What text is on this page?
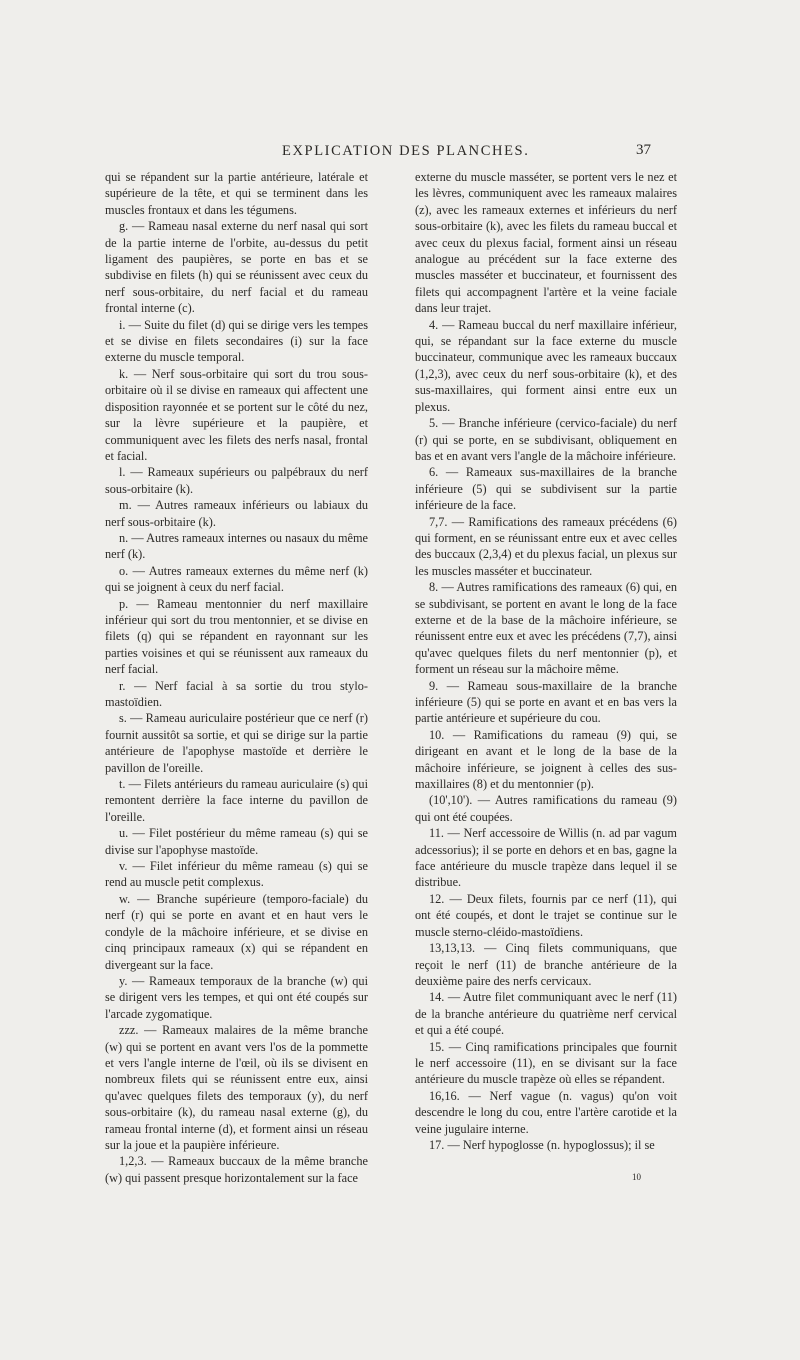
EXPLICATION DES PLANCHES.	37

qui se répandent sur la partie antérieure, latérale et supérieure de la tête, et qui se terminent dans les muscles frontaux et dans les tégumens.

g. — Rameau nasal externe du nerf nasal qui sort de la partie interne de l'orbite, au-dessus du petit ligament des paupières, se porte en bas et se subdivise en filets (h) qui se réunissent avec ceux du nerf sous-orbitaire, du nerf facial et du rameau frontal interne (c).

i. — Suite du filet (d) qui se dirige vers les tempes et se divise en filets secondaires (i) sur la face externe du muscle temporal.

k. — Nerf sous-orbitaire qui sort du trou sous-orbitaire où il se divise en rameaux qui affectent une disposition rayonnée et se portent sur le côté du nez, sur la lèvre supérieure et la paupière, et communiquent avec les filets des nerfs nasal, frontal et facial.

l. — Rameaux supérieurs ou palpébraux du nerf sous-orbitaire (k).

m. — Autres rameaux inférieurs ou labiaux du nerf sous-orbitaire (k).

n. — Autres rameaux internes ou nasaux du même nerf (k).

o. — Autres rameaux externes du même nerf (k) qui se joignent à ceux du nerf facial.

p. — Rameau mentonnier du nerf maxillaire inférieur qui sort du trou mentonnier, et se divise en filets (q) qui se répandent en rayonnant sur les parties voisines et qui se réunissent aux rameaux du nerf facial.

r. — Nerf facial à sa sortie du trou stylo-mastoïdien.

s. — Rameau auriculaire postérieur que ce nerf (r) fournit aussitôt sa sortie, et qui se dirige sur la partie antérieure de l'apophyse mastoïde et derrière le pavillon de l'oreille.

t. — Filets antérieurs du rameau auriculaire (s) qui remontent derrière la face interne du pavillon de l'oreille.

u. — Filet postérieur du même rameau (s) qui se divise sur l'apophyse mastoïde.

v. — Filet inférieur du même rameau (s) qui se rend au muscle petit complexus.

w. — Branche supérieure (temporo-faciale) du nerf (r) qui se porte en avant et en haut vers le condyle de la mâchoire inférieure, et se divise en cinq principaux rameaux (x) qui se répandent en divergeant sur la face.

y. — Rameaux temporaux de la branche (w) qui se dirigent vers les tempes, et qui ont été coupés sur l'arcade zygomatique.

zzz. — Rameaux malaires de la même branche (w) qui se portent en avant vers l'os de la pommette et vers l'angle interne de l'œil, où ils se divisent en nombreux filets qui se réunissent entre eux, ainsi qu'avec quelques filets des temporaux (y), du nerf sous-orbitaire (k), du rameau nasal externe (g), du rameau frontal interne (d), et forment ainsi un réseau sur la joue et la paupière inférieure.

1,2,3. — Rameaux buccaux de la même branche (w) qui passent presque horizontalement sur la face

externe du muscle masséter, se portent vers le nez et les lèvres, communiquent avec les rameaux malaires (z), avec les rameaux externes et inférieurs du nerf sous-orbitaire (k), avec les filets du rameau buccal et avec ceux du plexus facial, forment ainsi un réseau analogue au précédent sur la face externe des muscles masséter et buccinateur, et fournissent des filets qui accompagnent l'artère et la veine faciale dans leur trajet.

4. — Rameau buccal du nerf maxillaire inférieur, qui, se répandant sur la face externe du muscle buccinateur, communique avec les rameaux buccaux (1,2,3), avec ceux du nerf sous-orbitaire (k), et des sus-maxillaires, qui forment ainsi entre eux un plexus.

5. — Branche inférieure (cervico-faciale) du nerf (r) qui se porte, en se subdivisant, obliquement en bas et en avant vers l'angle de la mâchoire inférieure.

6. — Rameaux sus-maxillaires de la branche inférieure (5) qui se subdivisent sur la partie inférieure de la face.

7,7. — Ramifications des rameaux précédens (6) qui forment, en se réunissant entre eux et avec celles des buccaux (2,3,4) et du plexus facial, un plexus sur les muscles masséter et buccinateur.

8. — Autres ramifications des rameaux (6) qui, en se subdivisant, se portent en avant le long de la face externe et de la base de la mâchoire inférieure, se réunissent entre eux et avec les précédens (7,7), ainsi qu'avec quelques filets du nerf mentonnier (p), et forment un réseau sur la mâchoire même.

9. — Rameau sous-maxillaire de la branche inférieure (5) qui se porte en avant et en bas vers la partie antérieure et supérieure du cou.

10. — Ramifications du rameau (9) qui, se dirigeant en avant et le long de la base de la mâchoire inférieure, se joignent à celles des sus-maxillaires (8) et du mentonnier (p).

(10',10'). — Autres ramifications du rameau (9) qui ont été coupées.

11. — Nerf accessoire de Willis (n. ad par vagum adcessorius); il se porte en dehors et en bas, gagne la face antérieure du muscle trapèze dans lequel il se distribue.

12. — Deux filets, fournis par ce nerf (11), qui ont été coupés, et dont le trajet se continue sur le muscle sterno-cléido-mastoïdiens.

13,13,13. — Cinq filets communiquans, que reçoit le nerf (11) de branche antérieure de la deuxième paire des nerfs cervicaux.

14. — Autre filet communiquant avec le nerf (11) de la branche antérieure du quatrième nerf cervical et qui a été coupé.

15. — Cinq ramifications principales que fournit le nerf accessoire (11), en se divisant sur la face antérieure du muscle trapèze où elles se répandent.

16,16. — Nerf vague (n. vagus) qu'on voit descendre le long du cou, entre l'artère carotide et la veine jugulaire interne.

17. — Nerf hypoglosse (n. hypoglossus); il se

10
